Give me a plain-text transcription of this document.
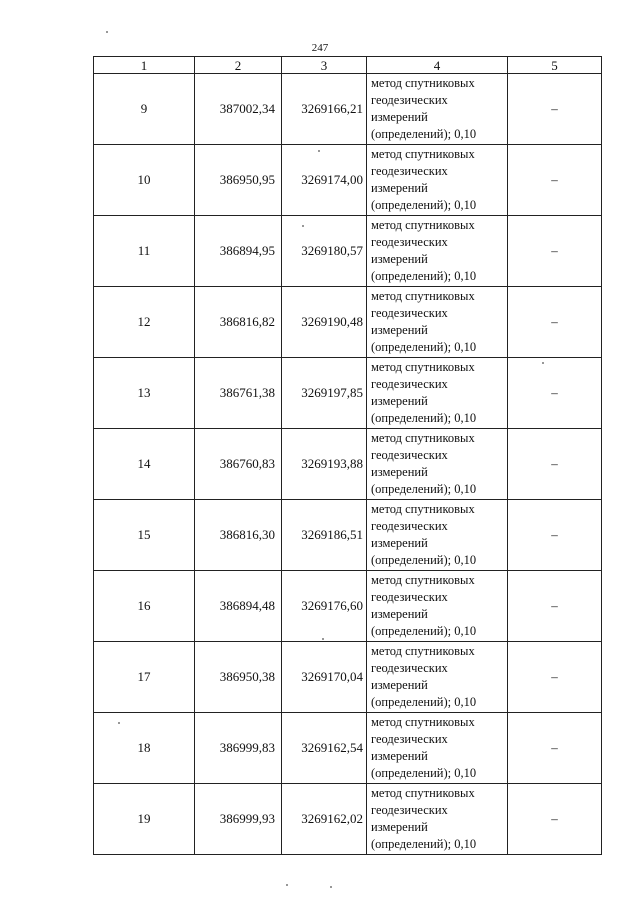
247
1	2	3	4	5
9	387002,34	3269166,21	метод спутниковых
геодезических
измерений
(определений); 0,10	–
10	386950,95	3269174,00	метод спутниковых
геодезических
измерений
(определений); 0,10	–
11	386894,95	3269180,57	метод спутниковых
геодезических
измерений
(определений); 0,10	–
12	386816,82	3269190,48	метод спутниковых
геодезических
измерений
(определений); 0,10	–
13	386761,38	3269197,85	метод спутниковых
геодезических
измерений
(определений); 0,10	–
14	386760,83	3269193,88	метод спутниковых
геодезических
измерений
(определений); 0,10	–
15	386816,30	3269186,51	метод спутниковых
геодезических
измерений
(определений); 0,10	–
16	386894,48	3269176,60	метод спутниковых
геодезических
измерений
(определений); 0,10	–
17	386950,38	3269170,04	метод спутниковых
геодезических
измерений
(определений); 0,10	–
18	386999,83	3269162,54	метод спутниковых
геодезических
измерений
(определений); 0,10	–
19	386999,93	3269162,02	метод спутниковых
геодезических
измерений
(определений); 0,10	–
